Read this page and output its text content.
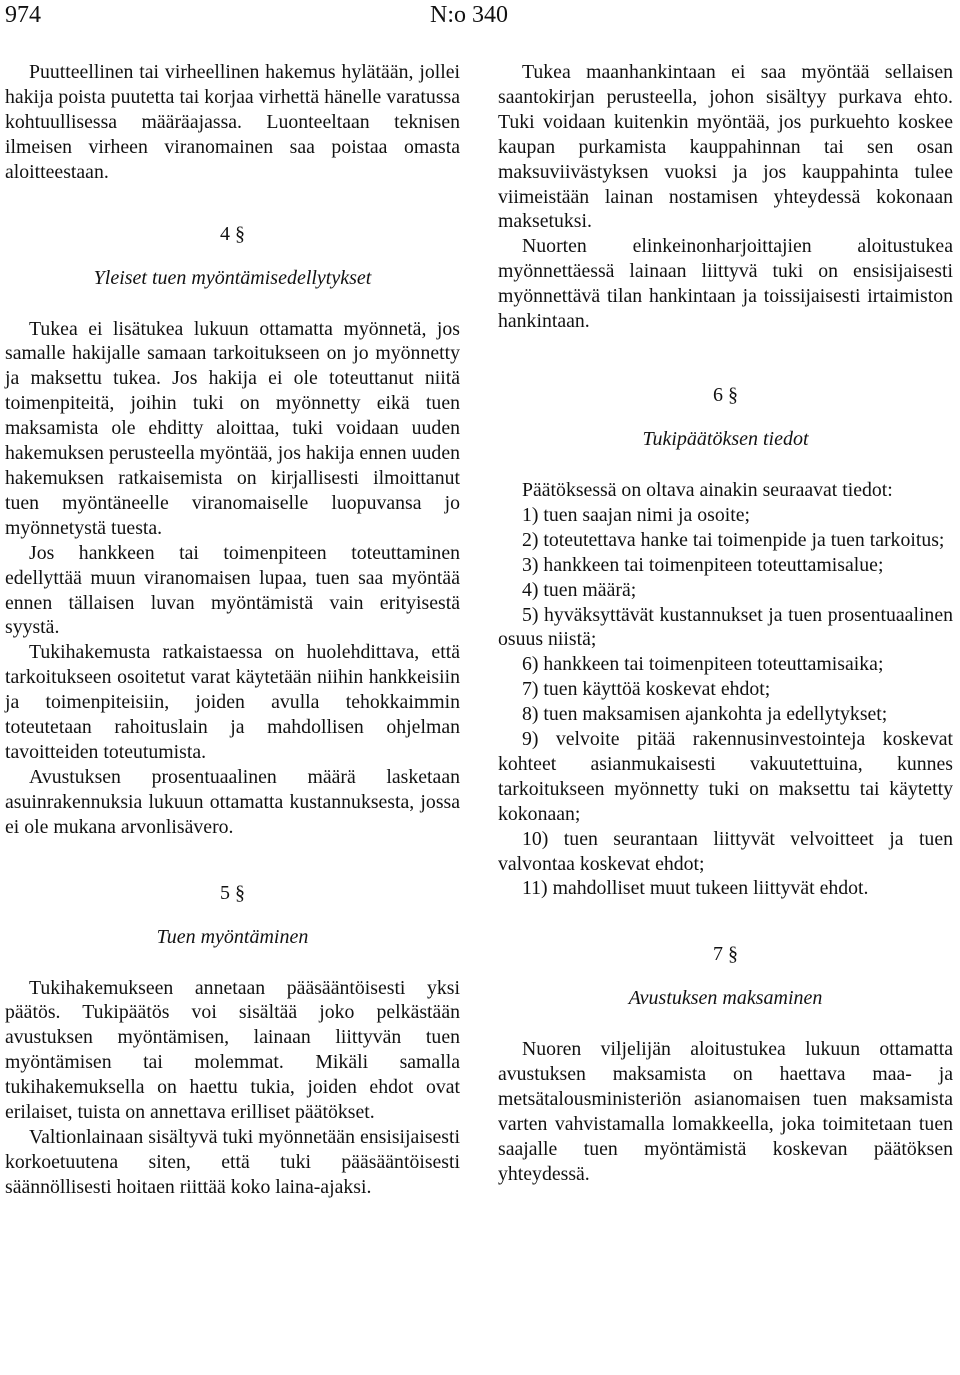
974	N:o 340

Puutteellinen tai virheellinen hakemus hylätään, jollei hakija poista puutetta tai korjaa virhettä hänelle varatussa kohtuullisessa määräajassa. Luonteeltaan teknisen ilmeisen virheen viranomainen saa poistaa omasta aloitteestaan.

4 §
Yleiset tuen myöntämisedellytykset

Tukea ei lisätukea lukuun ottamatta myönnetä, jos samalle hakijalle samaan tarkoitukseen on jo myönnetty ja maksettu tukea. Jos hakija ei ole toteuttanut niitä toimenpiteitä, joihin tuki on myönnetty eikä tuen maksamista ole ehditty aloittaa, tuki voidaan uuden hakemuksen perusteella myöntää, jos hakija ennen uuden hakemuksen ratkaisemista on kirjallisesti ilmoittanut tuen myöntäneelle viranomaiselle luopuvansa jo myönnetystä tuesta.

Jos hankkeen tai toimenpiteen toteuttaminen edellyttää muun viranomaisen lupaa, tuen saa myöntää ennen tällaisen luvan myöntämistä vain erityisestä syystä.

Tukihakemusta ratkaistaessa on huolehdittava, että tarkoitukseen osoitetut varat käytetään niihin hankkeisiin ja toimenpiteisiin, joiden avulla tehokkaimmin toteutetaan rahoituslain ja mahdollisen ohjelman tavoitteiden toteutumista.

Avustuksen prosentuaalinen määrä lasketaan asuinrakennuksia lukuun ottamatta kustannuksesta, jossa ei ole mukana arvonlisävero.

5 §
Tuen myöntäminen

Tukihakemukseen annetaan pääsääntöisesti yksi päätös. Tukipäätös voi sisältää joko pelkästään avustuksen myöntämisen, lainaan liittyvän tuen myöntämisen tai molemmat. Mikäli samalla tukihakemuksella on haettu tukia, joiden ehdot ovat erilaiset, tuista on annettava erilliset päätökset.

Valtionlainaan sisältyvä tuki myönnetään ensisijaisesti korkoetuutena siten, että tuki pääsääntöisesti säännöllisesti hoitaen riittää koko laina-ajaksi.

Tukea maanhankintaan ei saa myöntää sellaisen saantokirjan perusteella, johon sisältyy purkava ehto. Tuki voidaan kuitenkin myöntää, jos purkuehto koskee kaupan purkamista kauppahinnan tai sen osan maksuviivästyksen vuoksi ja jos kauppahinta tulee viimeistään lainan nostamisen yhteydessä kokonaan maksetuksi.

Nuorten elinkeinonharjoittajien aloitustukea myönnettäessä lainaan liittyvä tuki on ensisijaisesti myönnettävä tilan hankintaan ja toissijaisesti irtaimiston hankintaan.

6 §
Tukipäätöksen tiedot

Päätöksessä on oltava ainakin seuraavat tiedot:

1) tuen saajan nimi ja osoite;

2) toteutettava hanke tai toimenpide ja tuen tarkoitus;

3) hankkeen tai toimenpiteen toteuttamisalue;

4) tuen määrä;

5) hyväksyttävät kustannukset ja tuen prosentuaalinen osuus niistä;

6) hankkeen tai toimenpiteen toteuttamisaika;

7) tuen käyttöä koskevat ehdot;

8) tuen maksamisen ajankohta ja edellytykset;

9) velvoite pitää rakennusinvestointeja koskevat kohteet asianmukaisesti vakuutettuina, kunnes tarkoitukseen myönnetty tuki on maksettu tai käytetty kokonaan;

10) tuen seurantaan liittyvät velvoitteet ja tuen valvontaa koskevat ehdot;

11) mahdolliset muut tukeen liittyvät ehdot.

7 §
Avustuksen maksaminen

Nuoren viljelijän aloitustukea lukuun ottamatta avustuksen maksamista on haettava maa- ja metsätalousministeriön asianomaisen tuen maksamista varten vahvistamalla lomakkeella, joka toimitetaan tuen saajalle tuen myöntämistä koskevan päätöksen yhteydessä.
